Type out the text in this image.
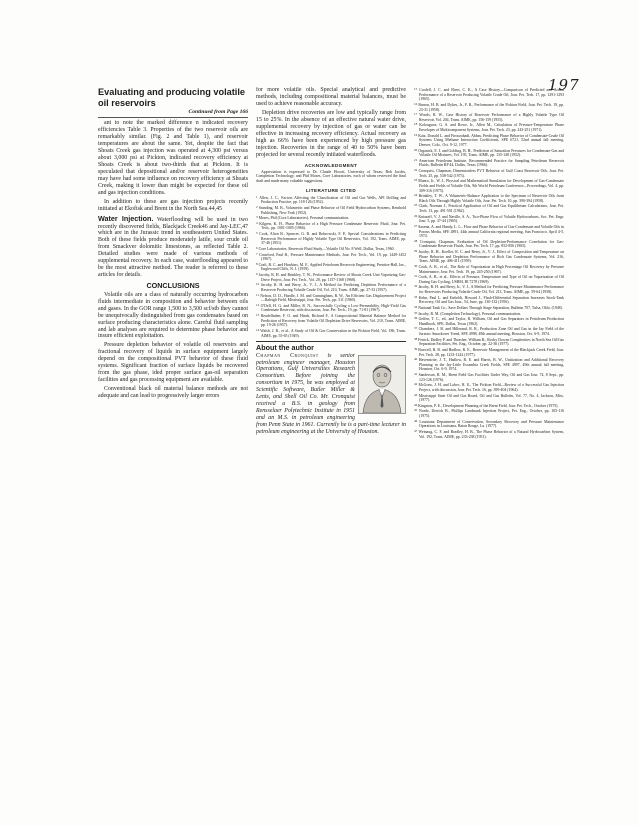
197
Evaluating and producing volatile oil reservoirs
Continued from Page 166

ant to note the marked difference n indicated recovery efficiencies Table 3. Properties of the two reservoir oils are remarkably similar. (Fig. 2 and Table 1), and reservoir temperatures are about the same. Yet, despite the fact that Shoats Creek gas injection was operated at 4,300 psi versus about 3,000 psi at Pickton, indicated recovery efficiency at Shoats Creek is about two-thirds that at Pickton. It is speculated that depositional and/or reservoir heterogeneities may have had some influence on recovery efficiency at Shoats Creek, making it lower than might be expected for these oil and gas injection conditions.

In addition to these are gas injection projects recently initiated at Ekofisk and Brent in the North Sea.44,45

Water Injection. Waterflooding will be used in two recently discovered fields, Blackjack Creek46 and Jay-LEC,47 which are in the Jurassic trend in southeastern United States. Both of these fields produce moderately latile, sour crude oil from Smackver dolomitic limestones, as reflected Table 2. Detailed studies were made of various methods of supplemental recovery. In each case, waterflooding appeared to be the most attractive method. The reader is referred to these articles for details.

CONCLUSIONS

Volatile oils are a class of naturally occurring hydrocarbon fluids intermediate in composition and behavior between oils and gases. In the GOR range 1,500 to 3,500 scf/stb they cannot be unequivocally distinguished from gas condensates based on surface producing characteristics alone. Careful fluid sampling and lab analyses are required to determine phase behavior and insure efficient exploitation.

Pressure depletion behavior of volatile oil reservoirs and fractional recovery of liquids in surface equipment largely depend on the compositional PVT behavior of these fluid systems. Significant fraction of surface liquids be recovered from the gas phase, ided proper surface gas-oil separation facilities and gas processing equipment are available.

Conventional black oil material balance methods are not adequate and can lead to progressively larger errors

for more volatile oils. Special analytical and predictive methods, including compositional material balances, must be used to achieve reasonable accuracy.

Depletion drive recoveries are low and typically range from 15 to 25%. In the absence of an effective natural water drive, supplemental recovery by injection of gas or water can be effective in increasing recovery efficiency. Actual recovery as high as 66% have been experienced by high pressure gas injection. Recoveries in the range of 40 to 50% have been projected for several recently initiated waterfloods.

ACKNOWLEDGMENT

Appreciation is expressed to Dr. Claude Hocott, University of Texas; Bob Jacobs, Completion Technology, and Phil Moses, Core Laboratories, each of whom reviewed the final draft and made many valuable suggestions.

LITERATURE CITED
$^1$ Allen, J. C., Factors Affecting the Classification of Oil and Gas Wells, API Drilling and Production Practice, pp. 118-126 (1952).
$^2$ Standing, M. B., Volumetric and Phase Behavior of Oil Field Hydrocarbon Systems, Reinhold Publishing, New York (1952).
$^3$ Moses, Phil (Core Laboratories), Personal communication.
$^4$ Kilgren, K. H., Phase Behavior of a High Pressure Condensate Reservoir Fluid, Jour. Pet. Tech., pp. 1001-1005 (1966).
$^5$ Cook, Alton B., Spencer, G. B. and Bobrowski, F. P., Special Considerations in Predicting Reservoir Performance of Highly Volatile Type Oil Reservoirs, Vol. 192, Trans. AIME, pp. 37-46 (1951).
$^6$ Core Laboratories, Reservoir Fluid Study—Volatile Oil No. 8 Well, Dallas, Texas, 1960.
$^7$ Crawford, Paul B., Pressure Maintenance Methods, Jour. Pet. Tech., Vol. 19, pp. 1449-1452 (1967).
$^8$ Craft, B. C. and Hawkins, M. F., Applied Petroleum Reservoir Engineering, Prentice-Hall, Inc., Englewood Cliffs, N. J. (1959).
$^9$ Jacoby, R. H. and Brinkley, T. W., Performance Review of Shoats Creek Unit Vaporizing Gas-Drive Project, Jour. Pet. Tech., Vol. 20, pp. 1157-1168 (1968).
$^{10}$ Jacoby, R. H. and Berry, Jr., V. J., A Method for Predicting Depletion Performance of a Reservoir Producing Volatile Crude Oil, Vol. 210, Trans. AIME, pp. 27-33 (1957).
$^{11}$ Nelson, D. D., Hurdle, J. M. and Cunningham, R. W., An Efficient Gas Displacement Project—Raleigh Field, Mississippi, Jour. Pet. Tech., pp. 311 (1960).
$^{12}$ O'Dell, H. G. and Miller, R. N., Successfully Cycling a Low-Permeability, High-Yield Gas Condensate Reservoir, with discussion, Jour. Pet. Tech., 19, pp. 71-81 (1967).
$^{13}$ Reudelhuber, F. O. and Hinds, Richard F., A Compositional Material Balance Method for Prediction of Recovery from Volatile Oil Depletion Drive Reservoirs, Vol. 210, Trans. AIME, pp. 19-26 (1957).
$^{14}$ Walsh, J. R., et al., A Study of Oil & Gas Conservation in the Pickton Field, Vol. 186, Trans. AIME, pp. 55-65 (1949).
About the author

Chapman Cronquist is senior petroleum engineer manager, Houston Operations, Gulf Universities Research Consortium. Before joining the consortium in 1975, he was employed at Scientific Software, Butler Miller & Lents, and Shell Oil Co. Mr. Cronquist received a B.S. in geology from Rensselaer Polytechnic Institute in 1951 and an M.S. in petroleum engineering from Penn State in 1961. Currently he is a part-time lecturer in petroleum engineering at the University of Houston.

$^{15}$ Cordell, J. C. and Ebert, C. K., A Case History—Comparison of Predicted and Actual Performance of a Reservoir Producing Volatile Crude Oil, Jour. Pet. Tech. 17, pp. 1291-1293 (1965).
$^{16}$ Barron, H. B. and Dykes, Jr., F. R., Performance of the Pickton Field, Jour. Pet. Tech. 19, pp. 23-31 (1958).
$^{17}$ Woods, R. W., Case History of Reservoir Performance of a Highly Volatile Type Oil Reservoir, Vol. 204, Trans. AIME, pp. 156-159 (1955).
$^{18}$ Kolouguva, G. S. and Rowe, Jr., Allen M., Calculation of Pressure-Temperature Phase Envelopes of Multicomponent Systems, Jour. Pet. Tech. 23, pp. 243-251 (1971).
$^{19}$ Katz, Donald L. and Firoozabadi, Abbas, Predicting Phase Behavior of Condensate-Crude Oil Systems Using Methane Interaction Coefficients, SPE 6721, 52nd annual fall meeting, Denver, Colo., Oct. 9-12, 1977.
$^{20}$ Organick, E. I. and Golding, B. H., Prediction of Saturation Pressures for Condensate-Gas and Volatile Oil Mixtures, Vol. 195, Trans. AIME, pp. 135-148 (1952).
$^{21}$ American Petroleum Institute, Recommended Practice for Sampling Petroleum Reservoir Fluids, Bulletin RP 44, Dallas, Texas (1966).
$^{22}$ Cronquist, Chapman, Dimensionless PVT Behavior of Gulf Coast Reservoir Oils, Jour. Pet. Tech. 25, pp. 538-542 (1973).
$^{23}$ Munro, Jr., W. J., Physical and Mathematical Simulation for Development of Gas-Condensate Fields and Fields of Volatile Oils, 9th World Petroleum Conference—Proceedings, Vol. 4, pp. 309-316 (1975).
$^{24}$ Brinkley, T. W., A Volumetric-Balance Application to the Spectrum of Reservoir Oils from Black Oils Through Highly Volatile Oils, Jour. Pet. Tech. 10, pp. 390-394 (1958).
$^{25}$ Clark, Norman J., Practical Application of Oil and Gas Equilibrium Calculations, Jour. Pet. Tech. 13, pp. 491-501 (1962).
$^{26}$ Kniazeff, V. J. and Naville, S. A., Two-Phase Flow of Volatile Hydrocarbons, Soc. Pet. Engr. Jour. 5, pp. 37-44 (1965).
$^{27}$ Saxena, A. and Handy, L. L., Flow and Phase Behavior of Gas-Condensate and Volatile Oils in Porous Media, SPE 4891, 44th annual California regional meeting, San Francisco, April 4-5, 1974.
$^{28}$ Cronquist, Chapman, Evaluation of Oil Depletion-Performance Correlation for Gas-Condensate Reservoir Fluids, Jour. Pet. Tech. 17, pp. 852-856 (1965).
$^{29}$ Jacoby, R. H., Koeller, R. C. and Berry, Jr., V. J., Effect of Composition and Temperature on Phase Behavior and Depletion Performance of Rich Gas Condensate Systems, Vol. 216, Trans. AIME, pp. 406-411 (1959).
$^{30}$ Cook, A. B., et al., The Role of Vaporization in High Percentage Oil Recovery by Pressure Maintenance, Jour. Pet. Tech. 19, pp. 245-250 (1967).
$^{31}$ Cook, A. B., et al., Effects of Pressure, Temperature and Type of Oil on Vaporization of Oil During Gas Cycling, USBM, RI 7278 (1969).
$^{32}$ Jacoby, R. H. and Berry, Jr., V. J., A Method for Predicting Pressure Maintenance Performance for Reservoirs Producing Volatile Crude Oil, Vol. 213, Trans. AIME, pp. 59-64 (1958).
$^{33}$ Kehn, Paul L. and Enfieldt, Howard J., Flash-Differential Separation Increases Stock-Tank Recovery, Oil and Gas Jour., 54, June, pp. 130-132 (1956).
$^{34}$ National Tank Co., Save Dollars Through Stage Separation, Bulletin 707, Tulsa, Okla. (1948).
$^{35}$ Jacoby, R. M. (Completion Technology), Personal communication.
$^{36}$ Geffen, T. C., ed., and Taylor, R. William, Oil and Gas Separators in Petroleum Production Handbook, SPE, Dallas, Texas (1962).
$^{37}$ Chambers, J. B. and Hillerand, R. R., Production Zone Oil and Gas in the Jay Field of the Jurassic Smackover Trend, SPE 4998, 49th annual meeting, Houston, Oct. 6-9, 1974.
$^{38}$ Fenick, Dudley P. and Thrasher, William R., Rocky Downs Complexities in North Sea Oil/Gas Separation Facilities, Pet. Eng., October, pp. 22-36 (1977).
$^{39}$ Burwell, R. B. and Hadlow, R. E., Reservoir Management of the Blackjack Creek Field, Jour. Pet. Tech. 28, pp. 1233-1242 (1977).
$^{40}$ Havenstrite, J. T., Hadlow, R. E. and Harris, B. W., Unitization and Additional Recovery Planning in the Jay-Little Escambia Creek Fields, SPE 4997, 49th annual fall meeting, Houston, Oct. 6-9, 1974.
$^{41}$ Sanderson, B. M., Brent Field Gas Facilities Under Way, Oil and Gas Jour. 74, 8 Sept., pp. 123-126 (1976).
$^{42}$ McGraw, J. H. and Lohec, R. E., The Pickton Field—Review of a Successful Gas Injection Project, with discussion, Jour. Pet. Tech. 16, pp. 399-404 (1964).
$^{43}$ Mississippi State Oil and Gas Board, Oil and Gas Bulletin, Vol. 77, No. 4, Jackson, Miss. (1977).
$^{44}$ Kingston, P. E., Development Planning of the Brent Field, Jour. Pet. Tech., October (1975).
$^{45}$ Nordz, Derrick B., Phillips Landmark Injection Project, Pet. Eng., October, pp. 105-116 (1975).
$^{46}$ Louisiana Department of Conservation, Secondary Recovery and Pressure Maintenance Operations in Louisiana, Baton Rouge, La. (1977).
$^{47}$ Weinaug, C. F. and Bradley, H. B., The Phase Behavior of a Natural Hydrocarbon System, Vol. 192, Trans. AIME, pp. 233-238 (1951).
